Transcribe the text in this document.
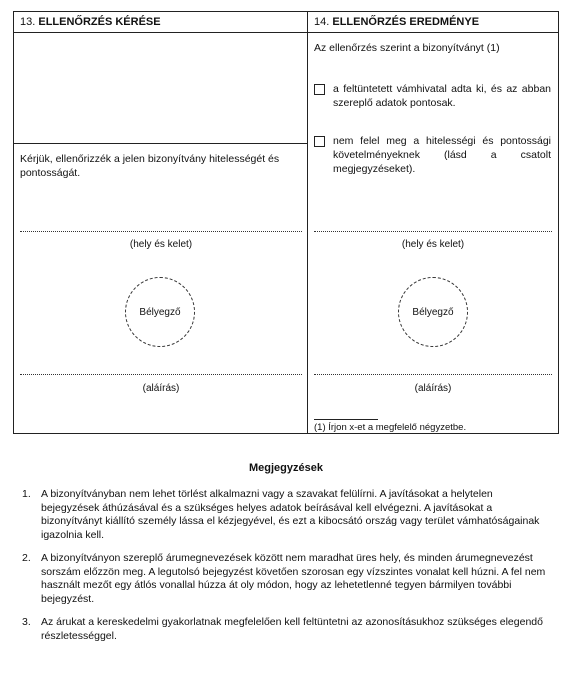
13. ELLENŐRZÉS KÉRÉSE
Kérjük, ellenőrizzék a jelen bizonyítvány hitelességét és pontosságát.
(hely és kelet)
Bélyegző
(aláírás)
14. ELLENŐRZÉS EREDMÉNYE
Az ellenőrzés szerint a bizonyítványt (1)
a feltüntetett vámhivatal adta ki, és az abban szereplő adatok pontosak.
nem felel meg a hitelességi és pontossági követelményeknek (lásd a csatolt megjegyzéseket).
(hely és kelet)
Bélyegző
(aláírás)
(1) Írjon x-et a megfelelő négyzetbe.
Megjegyzések
1. A bizonyítványban nem lehet törlést alkalmazni vagy a szavakat felülírni. A javításokat a helytelen bejegyzések áthúzásával és a szükséges helyes adatok beírásával kell elvégezni. A javításokat a bizonyítványt kiállító személy lássa el kézjegyével, és ezt a kibocsátó ország vagy terület vámhatóságainak igazolnia kell.
2. A bizonyítványon szereplő árumegnevezések között nem maradhat üres hely, és minden árumegnevezést sorszám előzzön meg. A legutolsó bejegyzést követően szorosan egy vízszintes vonalat kell húzni. A fel nem használt mezőt egy átlós vonallal húzza át oly módon, hogy az lehetetlenné tegyen bármilyen további bejegyzést.
3. Az árukat a kereskedelmi gyakorlatnak megfelelően kell feltüntetni az azonosításukhoz szükséges elegendő részletességgel.
